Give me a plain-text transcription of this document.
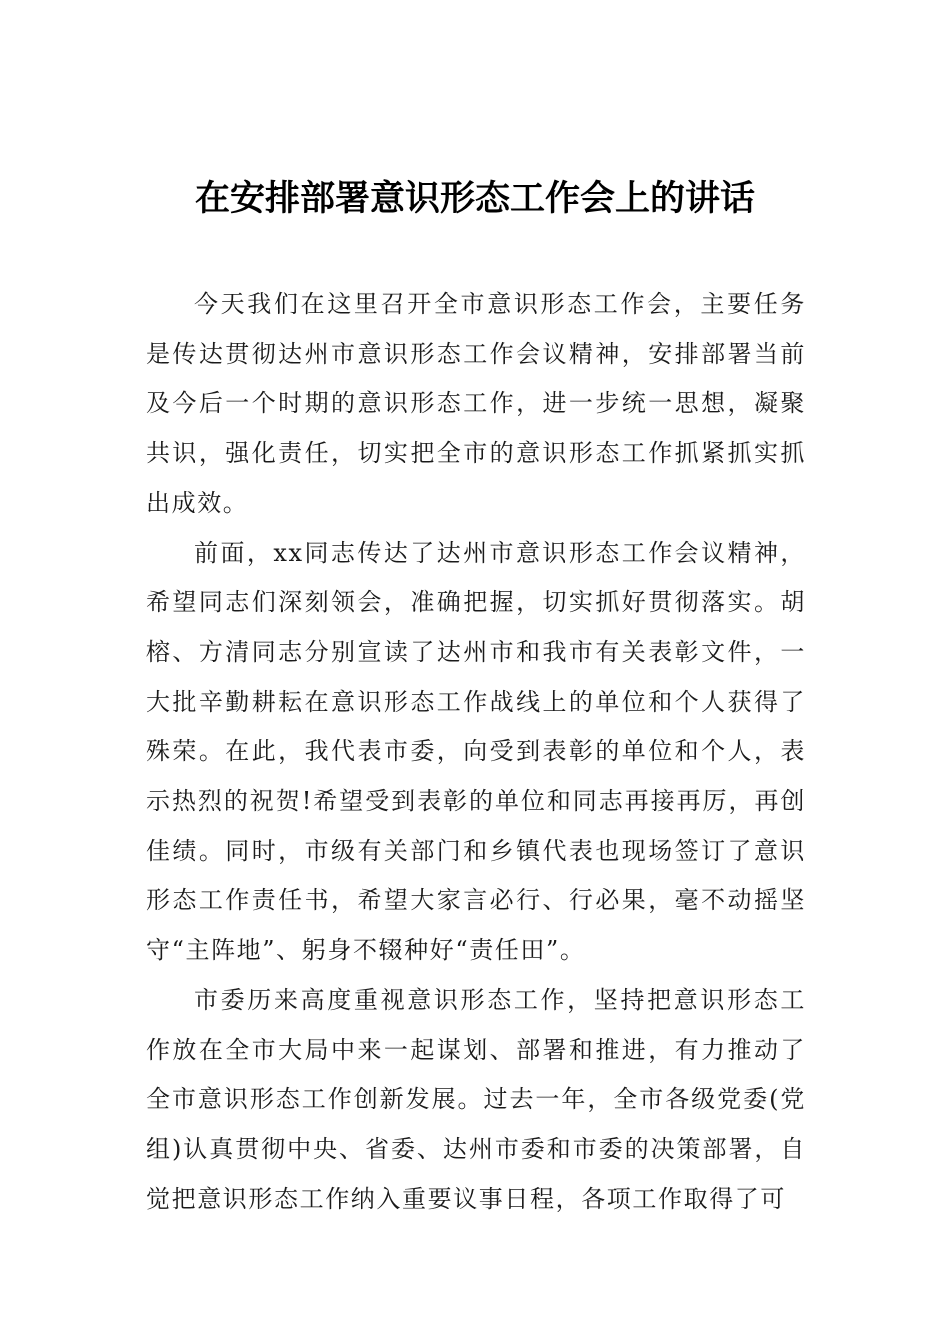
在安排部署意识形态工作会上的讲话

今天我们在这里召开全市意识形态工作会，主要任务是传达贯彻达州市意识形态工作会议精神，安排部署当前及今后一个时期的意识形态工作，进一步统一思想，凝聚共识，强化责任，切实把全市的意识形态工作抓紧抓实抓出成效。

前面，xx同志传达了达州市意识形态工作会议精神，希望同志们深刻领会，准确把握，切实抓好贯彻落实。胡榕、方清同志分别宣读了达州市和我市有关表彰文件，一大批辛勤耕耘在意识形态工作战线上的单位和个人获得了殊荣。在此，我代表市委，向受到表彰的单位和个人，表示热烈的祝贺!希望受到表彰的单位和同志再接再厉，再创佳绩。同时，市级有关部门和乡镇代表也现场签订了意识形态工作责任书，希望大家言必行、行必果，毫不动摇坚守“主阵地”、躬身不辍种好“责任田”。

市委历来高度重视意识形态工作，坚持把意识形态工作放在全市大局中来一起谋划、部署和推进，有力推动了全市意识形态工作创新发展。过去一年，全市各级党委(党组)认真贯彻中央、省委、达州市委和市委的决策部署，自觉把意识形态工作纳入重要议事日程，各项工作取得了可
